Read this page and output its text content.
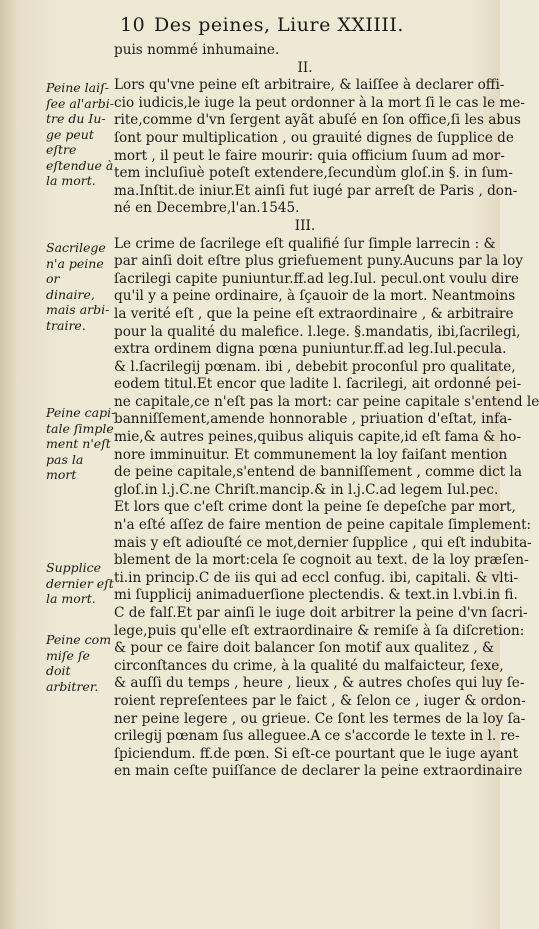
10 Des peines, Liure XXIIII.
Peine laiſ-
ſee al'arbi-
tre du Iu-
ge peut eſtre
eſtendue à
la mort.
Sacrilege
n'a peine or
dinaire,
mais arbi-
traire.
Peine capi-
tale ſimple
ment n'eſt
pas la mort
Supplice
dernier eſt
la mort.
Peine com
miſe ſe doit
arbitrer.
puis nommé inhumaine.
II.
Lors qu'vne peine eſt arbitraire, & laiſſee à declarer offi-
cio iudicis,le iuge la peut ordonner à la mort ſi le cas le me-
rite,comme d'vn ſergent ayãt abuſé en ſon office,ſi les abus
ſont pour multiplication , ou grauité dignes de ſupplice de
mort , il peut le faire mourir: quia officium ſuum ad mor-
tem incluſiuè poteſt extendere,ſecundùm gloſ.in §. in ſum-
ma.Inſtit.de iniur.Et ainſi fut iugé par arreſt de Paris , don-
né en Decembre,l'an.1545.
III.
Le crime de ſacrilege eſt qualifié ſur ſimple larrecin : &
par ainſi doit eſtre plus griefuement puny.Aucuns par la loy
ſacrilegi capite puniuntur.ff.ad leg.Iul. pecul.ont voulu dire
qu'il y a peine ordinaire, à ſçauoir de la mort. Neantmoins
la verité eſt , que la peine eſt extraordinaire , & arbitraire
pour la qualité du malefice. l.lege. §.mandatis, ibi,ſacrilegi,
extra ordinem digna pœna puniuntur.ff.ad leg.Iul.pecula.
& l.ſacrilegij pœnam. ibi , debebit proconſul pro qualitate,
eodem titul.Et encor que ladite l. ſacrilegi, ait ordonné pei-
ne capitale,ce n'eſt pas la mort: car peine capitale s'entend le
banniſſement,amende honnorable , priuation d'eſtat, infa-
mie,& autres peines,quibus aliquis capite,id eſt fama & ho-
nore imminuitur. Et communement la loy faiſant mention
de peine capitale,s'entend de banniſſement , comme dict la
gloſ.in l.j.C.ne Chriſt.mancip.& in l.j.C.ad legem Iul.pec.
Et lors que c'eſt crime dont la peine ſe depeſche par mort,
n'a eſté aſſez de faire mention de peine capitale ſimplement:
mais y eſt adiouſté ce mot,dernier ſupplice , qui eſt indubita-
blement de la mort:cela ſe cognoit au text. de la loy præſen-
ti.in princip.C de iis qui ad eccl confug. ibi, capitali. & vlti-
mi ſupplicij animaduerſione plectendis. & text.in l.vbi.in fi.
C de falſ.Et par ainſi le iuge doit arbitrer la peine d'vn ſacri-
lege,puis qu'elle eſt extraordinaire & remiſe à ſa diſcretion:
& pour ce faire doit balancer ſon motif aux qualitez , &
circonſtances du crime, à la qualité du malfaicteur, ſexe,
& auſſi du temps , heure , lieux , & autres choſes qui luy ſe-
roient repreſentees par le faict , & ſelon ce , iuger & ordon-
ner peine legere , ou grieue. Ce ſont les termes de la loy ſa-
crilegij pœnam ſus alleguee.A ce s'accorde le texte in l. re-
ſpiciendum. ff.de pœn. Si eſt-ce pourtant que le iuge ayant
en main ceſte puiſſance de declarer la peine extraordinaire
